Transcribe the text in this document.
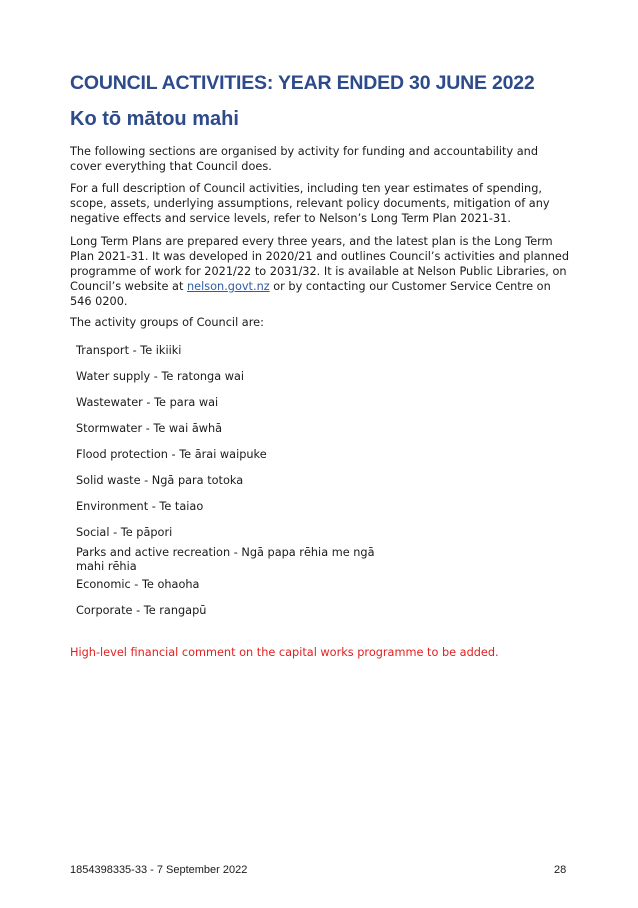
COUNCIL ACTIVITIES: YEAR ENDED 30 JUNE 2022
Ko tō mātou mahi

The following sections are organised by activity for funding and accountability and cover everything that Council does.

For a full description of Council activities, including ten year estimates of spending, scope, assets, underlying assumptions, relevant policy documents, mitigation of any negative effects and service levels, refer to Nelson’s Long Term Plan 2021-31.

Long Term Plans are prepared every three years, and the latest plan is the Long Term Plan 2021-31. It was developed in 2020/21 and outlines Council’s activities and planned programme of work for 2021/22 to 2031/32. It is available at Nelson Public Libraries, on Council’s website at nelson.govt.nz or by contacting our Customer Service Centre on 546 0200.

The activity groups of Council are:

Transport - Te ikiiki
Water supply - Te ratonga wai
Wastewater - Te para wai
Stormwater - Te wai āwhā
Flood protection - Te ārai waipuke
Solid waste - Ngā para totoka
Environment - Te taiao
Social - Te pāpori
Parks and active recreation - Ngā papa rēhia me ngā mahi rēhia
Economic - Te ohaoha
Corporate - Te rangapū
High-level financial comment on the capital works programme to be added.
1854398335-33 - 7 September 2022	28
